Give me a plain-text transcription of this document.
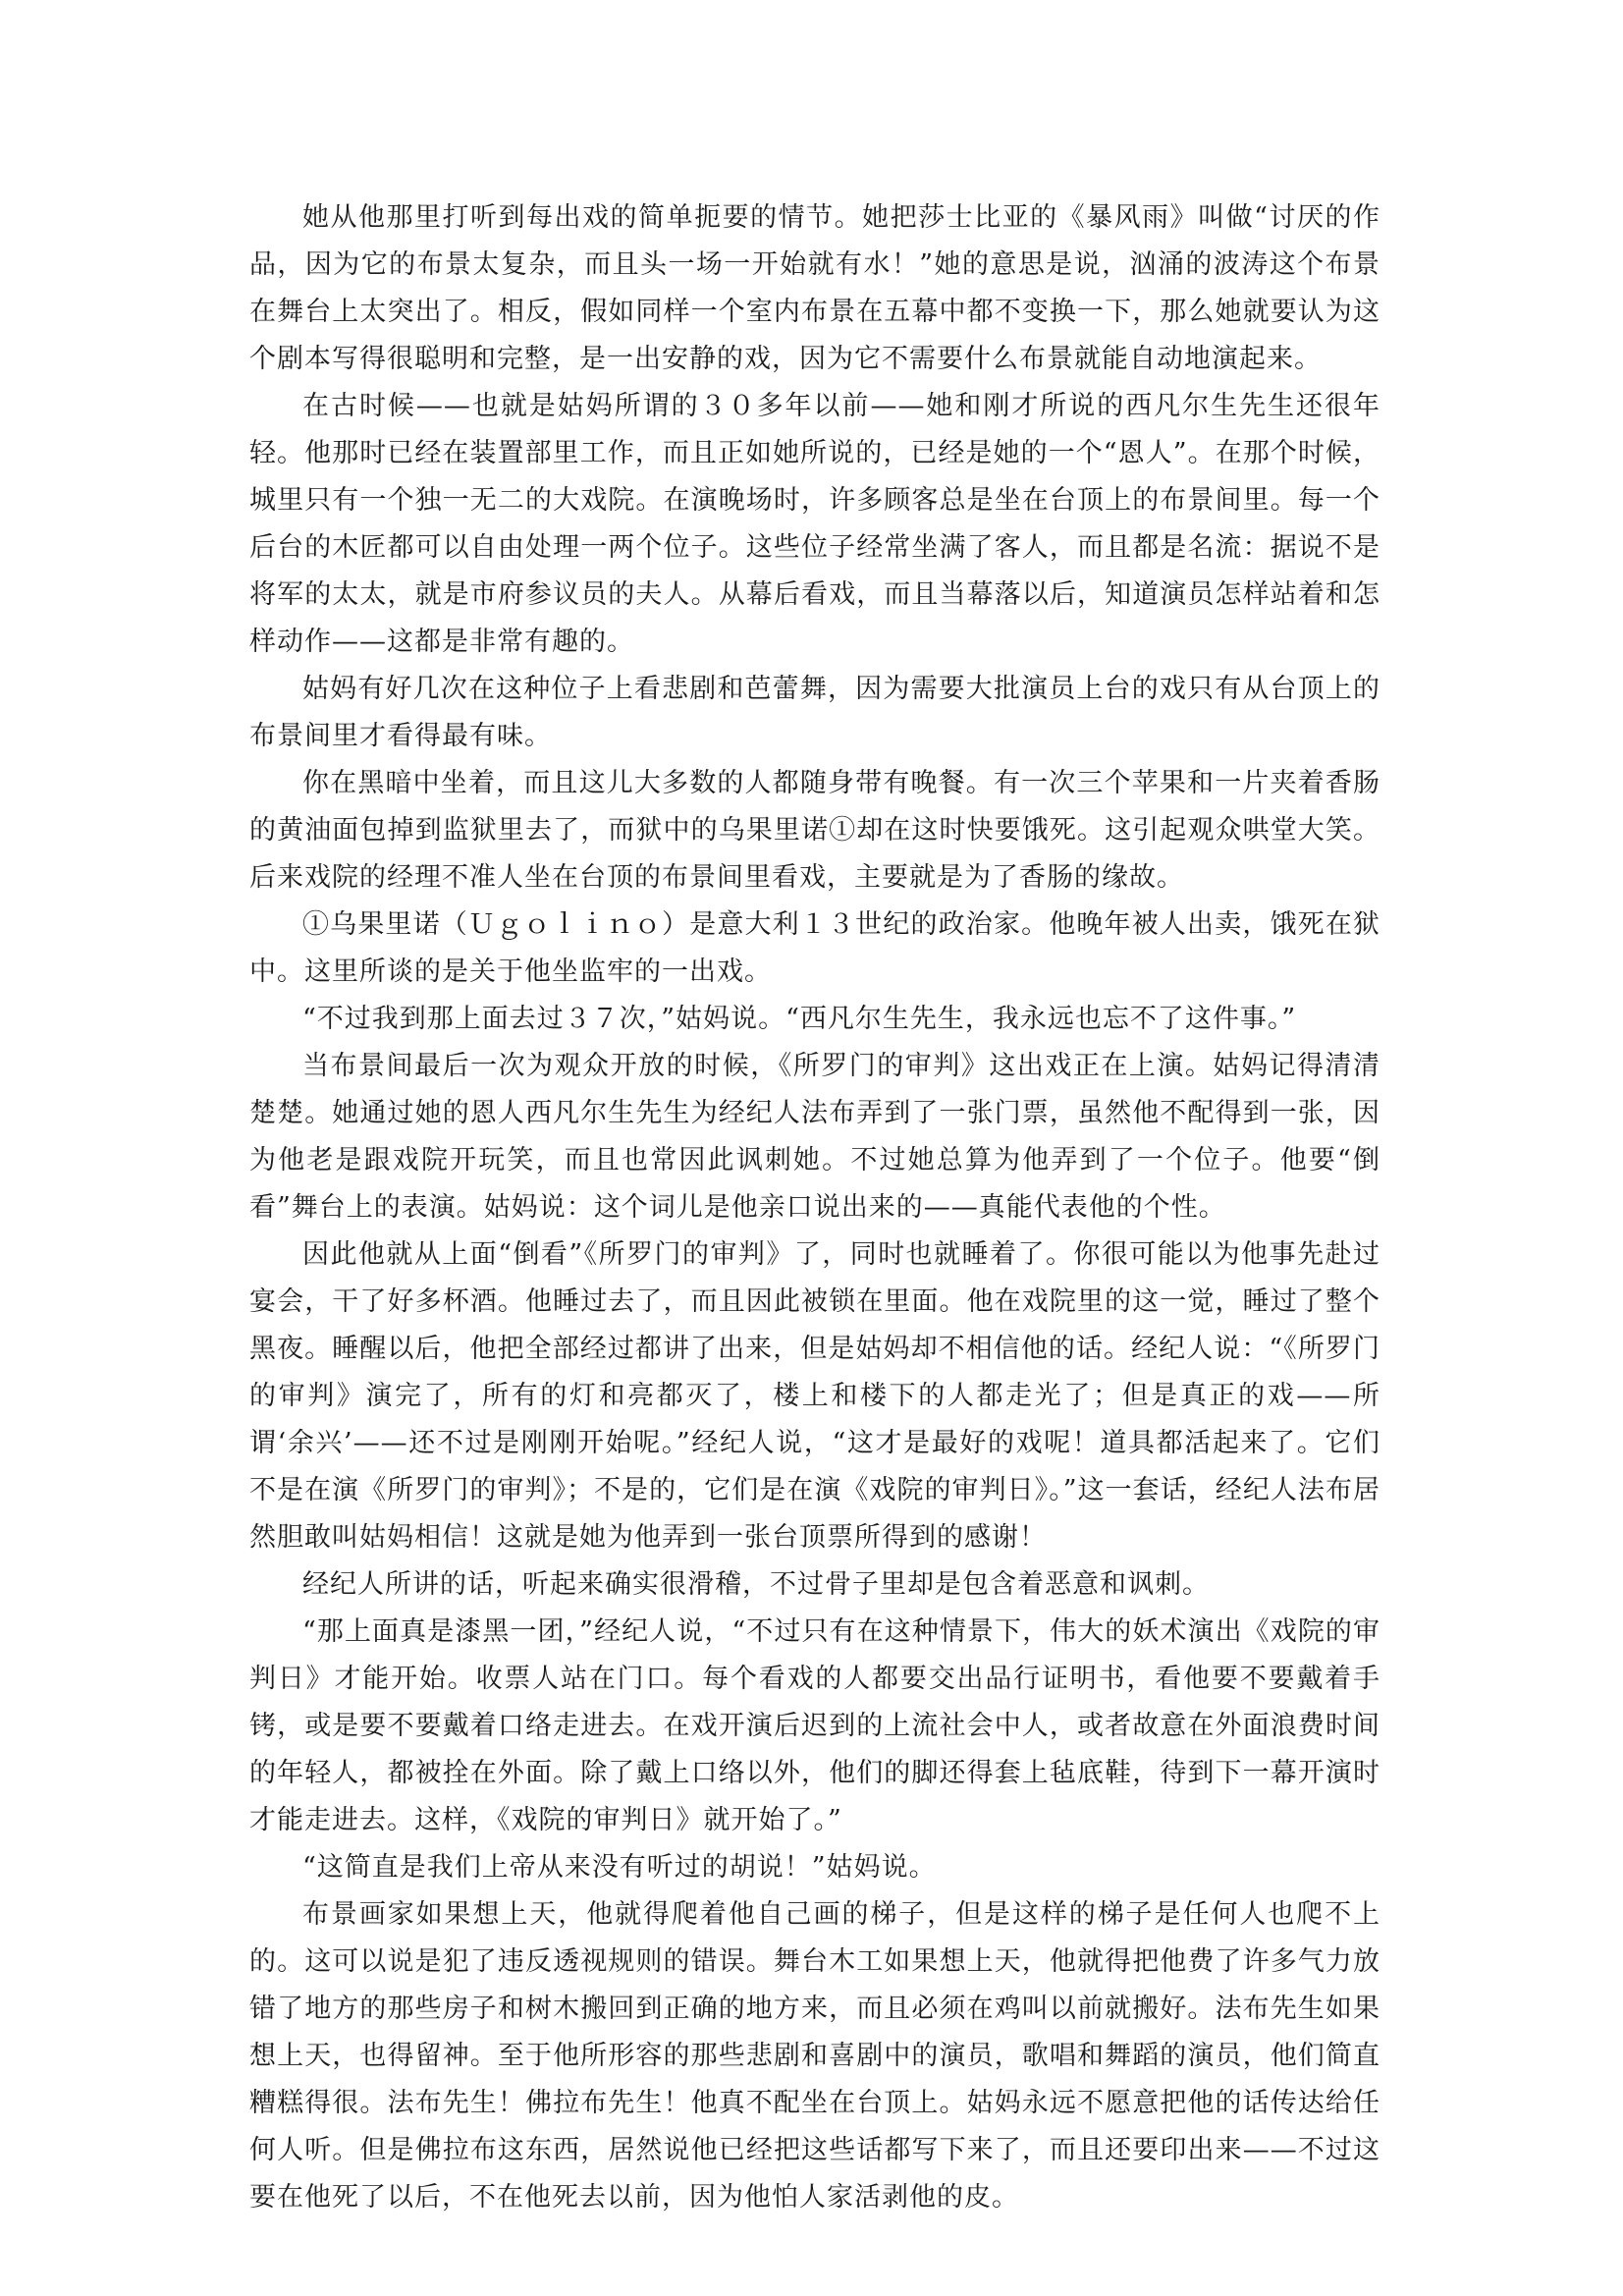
她从他那里打听到每出戏的简单扼要的情节。她把莎士比亚的《暴风雨》叫做“讨厌的作品，因为它的布景太复杂，而且头一场一开始就有水！”她的意思是说，汹涌的波涛这个布景在舞台上太突出了。相反，假如同样一个室内布景在五幕中都不变换一下，那么她就要认为这个剧本写得很聪明和完整，是一出安静的戏，因为它不需要什么布景就能自动地演起来。

在古时候——也就是姑妈所谓的３０多年以前——她和刚才所说的西凡尔生先生还很年轻。他那时已经在装置部里工作，而且正如她所说的，已经是她的一个“恩人”。在那个时候，城里只有一个独一无二的大戏院。在演晚场时，许多顾客总是坐在台顶上的布景间里。每一个后台的木匠都可以自由处理一两个位子。这些位子经常坐满了客人，而且都是名流：据说不是将军的太太，就是市府参议员的夫人。从幕后看戏，而且当幕落以后，知道演员怎样站着和怎样动作——这都是非常有趣的。

姑妈有好几次在这种位子上看悲剧和芭蕾舞，因为需要大批演员上台的戏只有从台顶上的布景间里才看得最有味。

你在黑暗中坐着，而且这儿大多数的人都随身带有晚餐。有一次三个苹果和一片夹着香肠的黄油面包掉到监狱里去了，而狱中的乌果里诺①却在这时快要饿死。这引起观众哄堂大笑。后来戏院的经理不准人坐在台顶的布景间里看戏，主要就是为了香肠的缘故。

①乌果里诺（Ｕｇｏｌｉｎｏ）是意大利１３世纪的政治家。他晚年被人出卖，饿死在狱中。这里所谈的是关于他坐监牢的一出戏。

“不过我到那上面去过３７次，”姑妈说。“西凡尔生先生，我永远也忘不了这件事。”

当布景间最后一次为观众开放的时候，《所罗门的审判》这出戏正在上演。姑妈记得清清楚楚。她通过她的恩人西凡尔生先生为经纪人法布弄到了一张门票，虽然他不配得到一张，因为他老是跟戏院开玩笑，而且也常因此讽刺她。不过她总算为他弄到了一个位子。他要“倒看”舞台上的表演。姑妈说：这个词儿是他亲口说出来的——真能代表他的个性。

因此他就从上面“倒看”《所罗门的审判》了，同时也就睡着了。你很可能以为他事先赴过宴会，干了好多杯酒。他睡过去了，而且因此被锁在里面。他在戏院里的这一觉，睡过了整个黑夜。睡醒以后，他把全部经过都讲了出来，但是姑妈却不相信他的话。经纪人说：“《所罗门的审判》演完了，所有的灯和亮都灭了，楼上和楼下的人都走光了；但是真正的戏——所谓‘余兴’——还不过是刚刚开始呢。”经纪人说，“这才是最好的戏呢！道具都活起来了。它们不是在演《所罗门的审判》；不是的，它们是在演《戏院的审判日》。”这一套话，经纪人法布居然胆敢叫姑妈相信！这就是她为他弄到一张台顶票所得到的感谢！

经纪人所讲的话，听起来确实很滑稽，不过骨子里却是包含着恶意和讽刺。

“那上面真是漆黑一团，”经纪人说，“不过只有在这种情景下，伟大的妖术演出《戏院的审判日》才能开始。收票人站在门口。每个看戏的人都要交出品行证明书，看他要不要戴着手铐，或是要不要戴着口络走进去。在戏开演后迟到的上流社会中人，或者故意在外面浪费时间的年轻人，都被拴在外面。除了戴上口络以外，他们的脚还得套上毡底鞋，待到下一幕开演时才能走进去。这样，《戏院的审判日》就开始了。”

“这简直是我们上帝从来没有听过的胡说！”姑妈说。

布景画家如果想上天，他就得爬着他自己画的梯子，但是这样的梯子是任何人也爬不上的。这可以说是犯了违反透视规则的错误。舞台木工如果想上天，他就得把他费了许多气力放错了地方的那些房子和树木搬回到正确的地方来，而且必须在鸡叫以前就搬好。法布先生如果想上天，也得留神。至于他所形容的那些悲剧和喜剧中的演员，歌唱和舞蹈的演员，他们简直糟糕得很。法布先生！佛拉布先生！他真不配坐在台顶上。姑妈永远不愿意把他的话传达给任何人听。但是佛拉布这东西，居然说他已经把这些话都写下来了，而且还要印出来——不过这要在他死了以后，不在他死去以前，因为他怕人家活剥他的皮。
